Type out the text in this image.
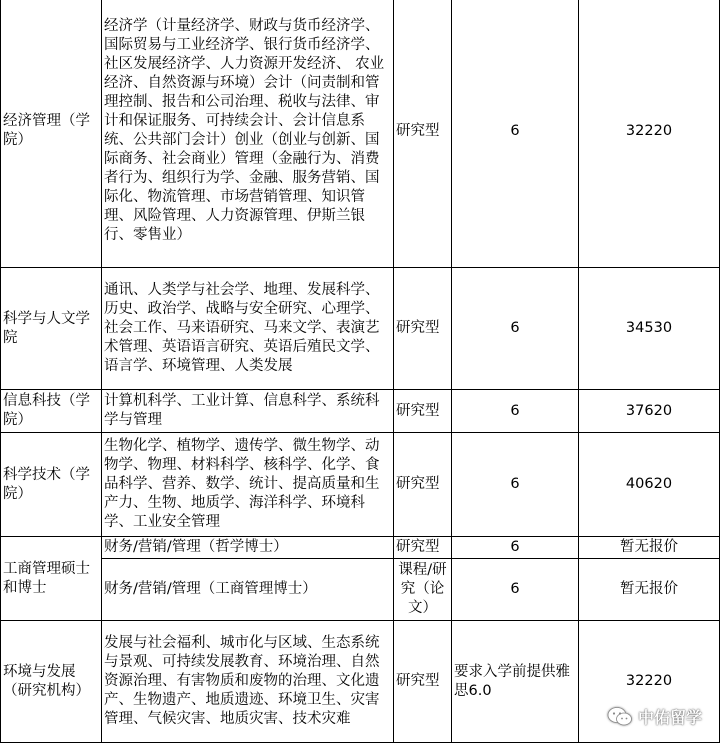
经济管理（学院）	经济学（计量经济学、财政与货币经济学、国际贸易与工业经济学、银行货币经济学、社区发展经济学、人力资源开发经济、 农业经济、自然资源与环境）会计（问责制和管理控制、报告和公司治理、税收与法律、审计和保证服务、可持续会计、会计信息系统、公共部门会计）创业（创业与创新、国际商务、社会商业）管理（金融行为、消费者行为、组织行为学、金融、服务营销、国际化、物流管理、市场营销管理、知识管理、风险管理、人力资源管理、伊斯兰银行、零售业）	研究型	6	32220
科学与人文学院	通讯、人类学与社会学、地理、发展科学、历史、政治学、战略与安全研究、心理学、社会工作、马来语研究、马来文学、表演艺术管理、英语语言研究、英语后殖民文学、语言学、环境管理、人类发展	研究型	6	34530
信息科技（学院）	计算机科学、工业计算、信息科学、系统科学与管理	研究型	6	37620
科学技术（学院）	生物化学、植物学、遗传学、微生物学、动物学、物理、材料科学、核科学、化学、食品科学、营养、数学、统计、提高质量和生产力、生物、地质学、海洋科学、环境科学、工业安全管理	研究型	6	40620
工商管理硕士和博士	财务/营销/管理（哲学博士）	研究型	6	暂无报价
	财务/营销/管理（工商管理博士）	课程/研究（论文）	6	暂无报价
环境与发展（研究机构）	发展与社会福利、城市化与区域、生态系统与景观、可持续发展教育、环境治理、自然资源治理、有害物质和废物的治理、文化遗产、生物遗产、地质遗迹、环境卫生、灾害管理、气候灾害、地质灾害、技术灾难	研究型	要求入学前提供雅思6.0	32220
中佑留学
